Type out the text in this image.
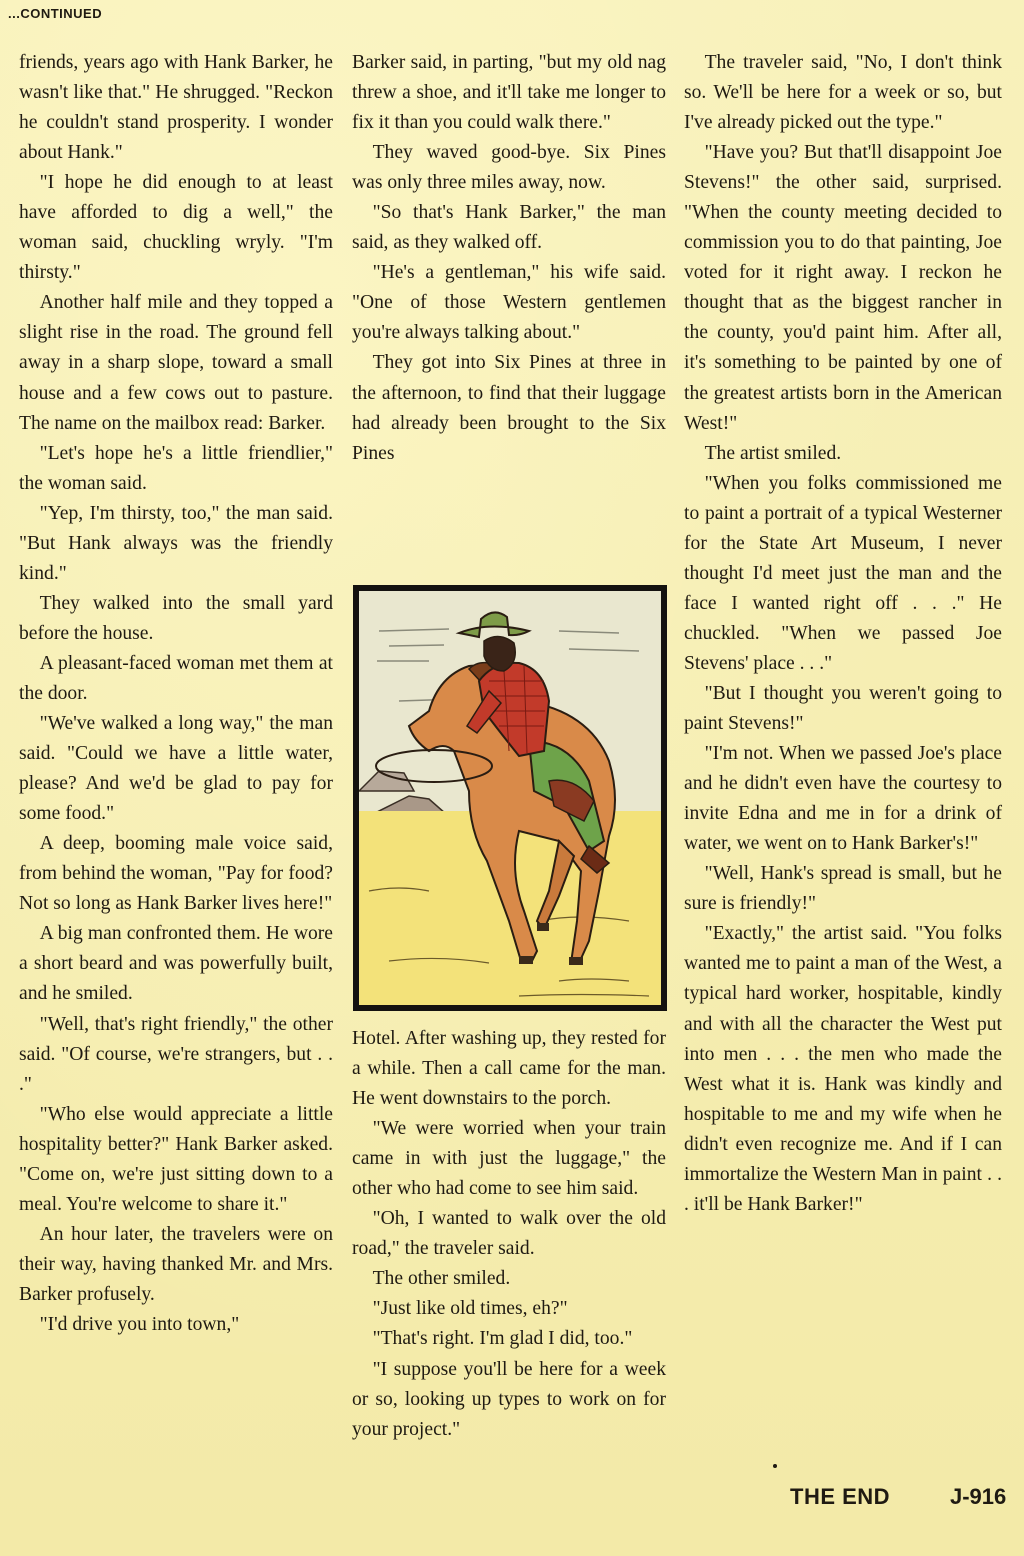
...CONTINUED

friends, years ago with Hank Barker, he wasn't like that." He shrugged. "Reckon he couldn't stand prosperity. I wonder about Hank."

"I hope he did enough to at least have afforded to dig a well," the woman said, chuckling wryly. "I'm thirsty."

Another half mile and they topped a slight rise in the road. The ground fell away in a sharp slope, toward a small house and a few cows out to pasture. The name on the mailbox read: Barker.

"Let's hope he's a little friendlier," the woman said.

"Yep, I'm thirsty, too," the man said. "But Hank always was the friendly kind."

They walked into the small yard before the house.

A pleasant-faced woman met them at the door.

"We've walked a long way," the man said. "Could we have a little water, please? And we'd be glad to pay for some food."

A deep, booming male voice said, from behind the woman, "Pay for food? Not so long as Hank Barker lives here!"

A big man confronted them. He wore a short beard and was powerfully built, and he smiled.

"Well, that's right friendly," the other said. "Of course, we're strangers, but . . ."

"Who else would appreciate a little hospitality better?" Hank Barker asked. "Come on, we're just sitting down to a meal. You're welcome to share it."

An hour later, the travelers were on their way, having thanked Mr. and Mrs. Barker profusely.

"I'd drive you into town,"

Barker said, in parting, "but my old nag threw a shoe, and it'll take me longer to fix it than you could walk there."

They waved good-bye. Six Pines was only three miles away, now.

"So that's Hank Barker," the man said, as they walked off.

"He's a gentleman," his wife said. "One of those Western gentlemen you're always talking about."

They got into Six Pines at three in the afternoon, to find that their luggage had already been brought to the Six Pines

Hotel. After washing up, they rested for a while. Then a call came for the man. He went downstairs to the porch.

"We were worried when your train came in with just the luggage," the other who had come to see him said.

"Oh, I wanted to walk over the old road," the traveler said.

The other smiled.

"Just like old times, eh?"

"That's right. I'm glad I did, too."

"I suppose you'll be here for a week or so, looking up types to work on for your project."

The traveler said, "No, I don't think so. We'll be here for a week or so, but I've already picked out the type."

"Have you? But that'll disappoint Joe Stevens!" the other said, surprised. "When the county meeting decided to commission you to do that painting, Joe voted for it right away. I reckon he thought that as the biggest rancher in the county, you'd paint him. After all, it's something to be painted by one of the greatest artists born in the American West!"

The artist smiled.

"When you folks commissioned me to paint a portrait of a typical Westerner for the State Art Museum, I never thought I'd meet just the man and the face I wanted right off . . ." He chuckled. "When we passed Joe Stevens' place . . ."

"But I thought you weren't going to paint Stevens!"

"I'm not. When we passed Joe's place and he didn't even have the courtesy to invite Edna and me in for a drink of water, we went on to Hank Barker's!"

"Well, Hank's spread is small, but he sure is friendly!"

"Exactly," the artist said. "You folks wanted me to paint a man of the West, a typical hard worker, hospitable, kindly and with all the character the West put into men . . . the men who made the West what it is. Hank was kindly and hospitable to me and my wife when he didn't even recognize me. And if I can immortalize the Western Man in paint . . . it'll be Hank Barker!"

THE END	J-916
